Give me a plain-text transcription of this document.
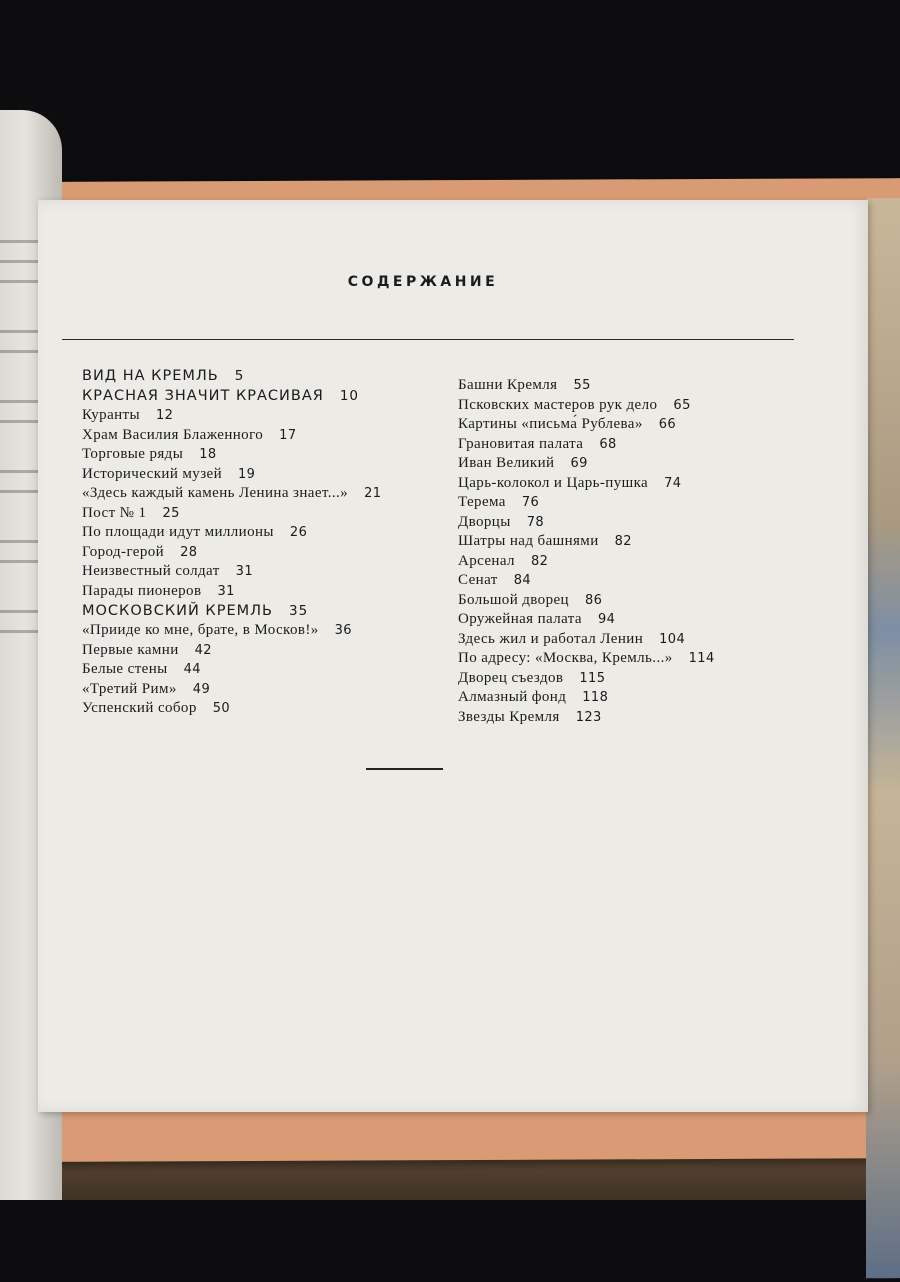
СОДЕРЖАНИЕ
ВИД НА КРЕМЛЬ 5
КРАСНАЯ ЗНАЧИТ КРАСИВАЯ 10
Куранты 12
Храм Василия Блаженного 17
Торговые ряды 18
Исторический музей 19
«Здесь каждый камень Ленина знает...» 21
Пост № 1 25
По площади идут миллионы 26
Город-герой 28
Неизвестный солдат 31
Парады пионеров 31
МОСКОВСКИЙ КРЕМЛЬ 35
«Прииде ко мне, брате, в Москов!» 36
Первые камни 42
Белые стены 44
«Третий Рим» 49
Успенский собор 50
Башни Кремля 55
Псковских мастеров рук дело 65
Картины «письма́ Рублева» 66
Грановитая палата 68
Иван Великий 69
Царь-колокол и Царь-пушка 74
Терема 76
Дворцы 78
Шатры над башнями 82
Арсенал 82
Сенат 84
Большой дворец 86
Оружейная палата 94
Здесь жил и работал Ленин 104
По адресу: «Москва, Кремль...» 114
Дворец съездов 115
Алмазный фонд 118
Звезды Кремля 123
